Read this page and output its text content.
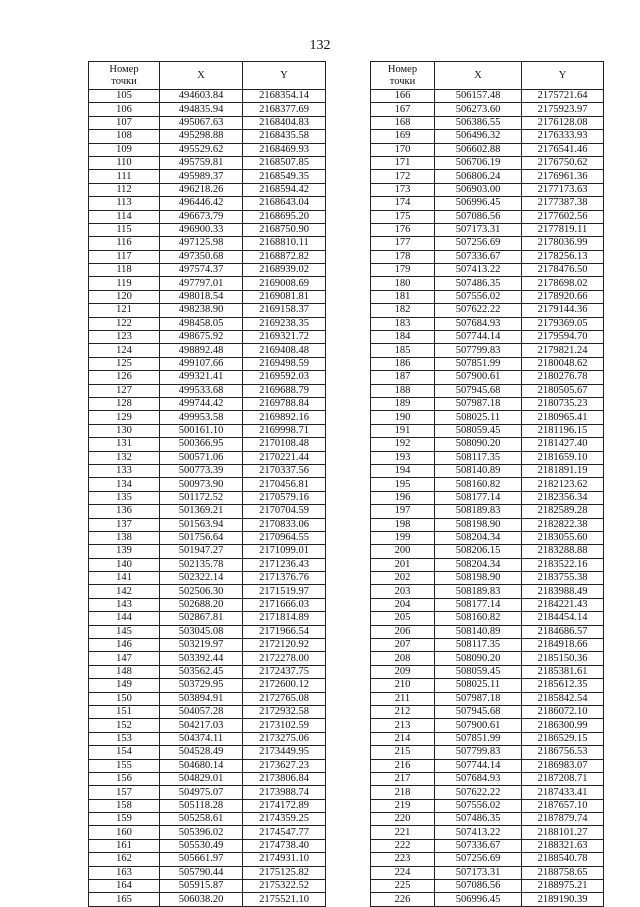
132
Номер
точки	X	Y
105	494603.84	2168354.14
106	494835.94	2168377.69
107	495067.63	2168404.83
108	495298.88	2168435.58
109	495529.62	2168469.93
110	495759.81	2168507.85
111	495989.37	2168549.35
112	496218.26	2168594.42
113	496446.42	2168643.04
114	496673.79	2168695.20
115	496900.33	2168750.90
116	497125.98	2168810.11
117	497350.68	2168872.82
118	497574.37	2168939.02
119	497797.01	2169008.69
120	498018.54	2169081.81
121	498238.90	2169158.37
122	498458.05	2169238.35
123	498675.92	2169321.72
124	498892.48	2169408.48
125	499107.66	2169498.59
126	499321.41	2169592.03
127	499533.68	2169688.79
128	499744.42	2169788.84
129	499953.58	2169892.16
130	500161.10	2169998.71
131	500366.95	2170108.48
132	500571.06	2170221.44
133	500773.39	2170337.56
134	500973.90	2170456.81
135	501172.52	2170579.16
136	501369.21	2170704.59
137	501563.94	2170833.06
138	501756.64	2170964.55
139	501947.27	2171099.01
140	502135.78	2171236.43
141	502322.14	2171376.76
142	502506.30	2171519.97
143	502688.20	2171666.03
144	502867.81	2171814.89
145	503045.08	2171966.54
146	503219.97	2172120.92
147	503392.44	2172278.00
148	503562.45	2172437.75
149	503729.95	2172600.12
150	503894.91	2172765.08
151	504057.28	2172932.58
152	504217.03	2173102.59
153	504374.11	2173275.06
154	504528.49	2173449.95
155	504680.14	2173627.23
156	504829.01	2173806.84
157	504975.07	2173988.74
158	505118.28	2174172.89
159	505258.61	2174359.25
160	505396.02	2174547.77
161	505530.49	2174738.40
162	505661.97	2174931.10
163	505790.44	2175125.82
164	505915.87	2175322.52
165	506038.20	2175521.10
Номер
точки	X	Y
166	506157.48	2175721.64
167	506273.60	2175923.97
168	506386.55	2176128.08
169	506496.32	2176333.93
170	506602.88	2176541.46
171	506706.19	2176750.62
172	506806.24	2176961.36
173	506903.00	2177173.63
174	506996.45	2177387.38
175	507086.56	2177602.56
176	507173.31	2177819.11
177	507256.69	2178036.99
178	507336.67	2178256.13
179	507413.22	2178476.50
180	507486.35	2178698.02
181	507556.02	2178920.66
182	507622.22	2179144.36
183	507684.93	2179369.05
184	507744.14	2179594.70
185	507799.83	2179821.24
186	507851.99	2180048.62
187	507900.61	2180276.78
188	507945.68	2180505.67
189	507987.18	2180735.23
190	508025.11	2180965.41
191	508059.45	2181196.15
192	508090.20	2181427.40
193	508117.35	2181659.10
194	508140.89	2181891.19
195	508160.82	2182123.62
196	508177.14	2182356.34
197	508189.83	2182589.28
198	508198.90	2182822.38
199	508204.34	2183055.60
200	508206.15	2183288.88
201	508204.34	2183522.16
202	508198.90	2183755.38
203	508189.83	2183988.49
204	508177.14	2184221.43
205	508160.82	2184454.14
206	508140.89	2184686.57
207	508117.35	2184918.66
208	508090.20	2185150.36
209	508059.45	2185381.61
210	508025.11	2185612.35
211	507987.18	2185842.54
212	507945.68	2186072.10
213	507900.61	2186300.99
214	507851.99	2186529.15
215	507799.83	2186756.53
216	507744.14	2186983.07
217	507684.93	2187208.71
218	507622.22	2187433.41
219	507556.02	2187657.10
220	507486.35	2187879.74
221	507413.22	2188101.27
222	507336.67	2188321.63
223	507256.69	2188540.78
224	507173.31	2188758.65
225	507086.56	2188975.21
226	506996.45	2189190.39
